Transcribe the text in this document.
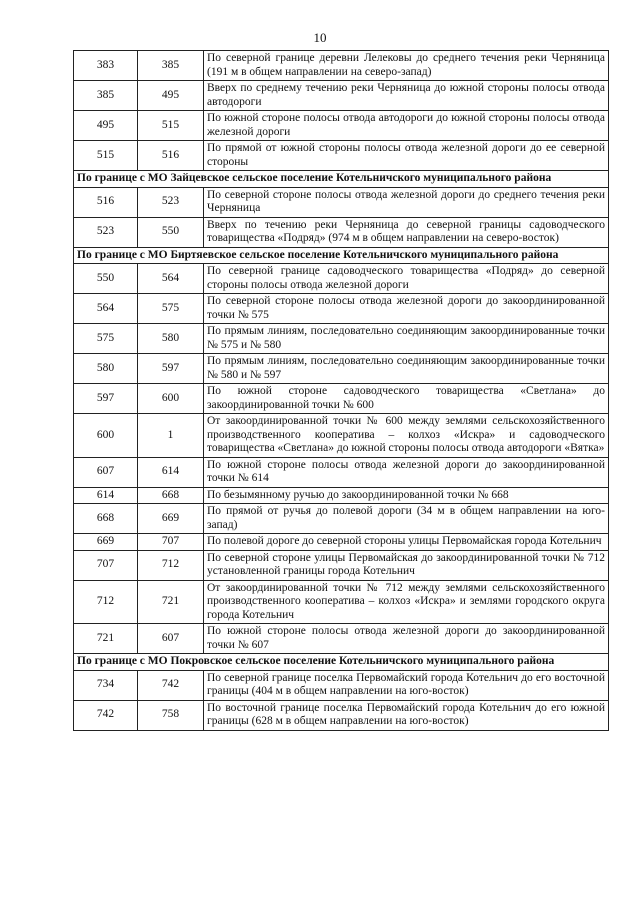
10
383	385	По северной границе деревни Лелековы до среднего течения реки Черняница (191 м в общем направлении на северо-запад)
385	495	Вверх по среднему течению реки Черняница до южной стороны полосы отвода автодороги
495	515	По южной стороне полосы отвода автодороги до южной стороны полосы отвода железной дороги
515	516	По прямой от южной стороны полосы отвода железной дороги до ее северной стороны
По границе с МО Зайцевское сельское поселение Котельничского муниципального района		
516	523	По северной стороне полосы отвода железной дороги до среднего течения реки Черняница
523	550	Вверх по течению реки Черняница до северной границы садоводческого товарищества «Подряд» (974 м в общем направлении на северо-восток)
По границе с МО Биртяевское сельское поселение Котельничского муниципального района		
550	564	По северной границе садоводческого товарищества «Подряд» до северной стороны полосы отвода железной дороги
564	575	По северной стороне полосы отвода железной дороги до закоординированной точки № 575
575	580	По прямым линиям, последовательно соединяющим закоординированные точки № 575 и № 580
580	597	По прямым линиям, последовательно соединяющим закоординированные точки № 580 и № 597
597	600	По южной стороне садоводческого товарищества «Светлана» до закоординированной точки № 600
600	1	От закоординированной точки № 600 между землями сельскохозяйственного производственного кооператива – колхоз «Искра» и садоводческого товарищества «Светлана» до южной стороны полосы отвода автодороги «Вятка»
607	614	По южной стороне полосы отвода железной дороги до закоординированной точки № 614
614	668	По безымянному ручью до закоординированной точки № 668
668	669	По прямой от ручья до полевой дороги (34 м в общем направлении на юго-запад)
669	707	По полевой дороге до северной стороны улицы Первомайская города Котельнич
707	712	По северной стороне улицы Первомайская до закоординированной точки № 712 установленной границы города Котельнич
712	721	От закоординированной точки № 712 между землями сельскохозяйственного производственного кооператива – колхоз «Искра» и землями городского округа города Котельнич
721	607	По южной стороне полосы отвода железной дороги до закоординированной точки № 607
По границе с МО Покровское сельское поселение Котельничского муниципального района		
734	742	По северной границе поселка Первомайский города Котельнич до его восточной границы (404 м в общем направлении на юго-восток)
742	758	По восточной границе поселка Первомайский города Котельнич до его южной границы (628 м в общем направлении на юго-восток)
